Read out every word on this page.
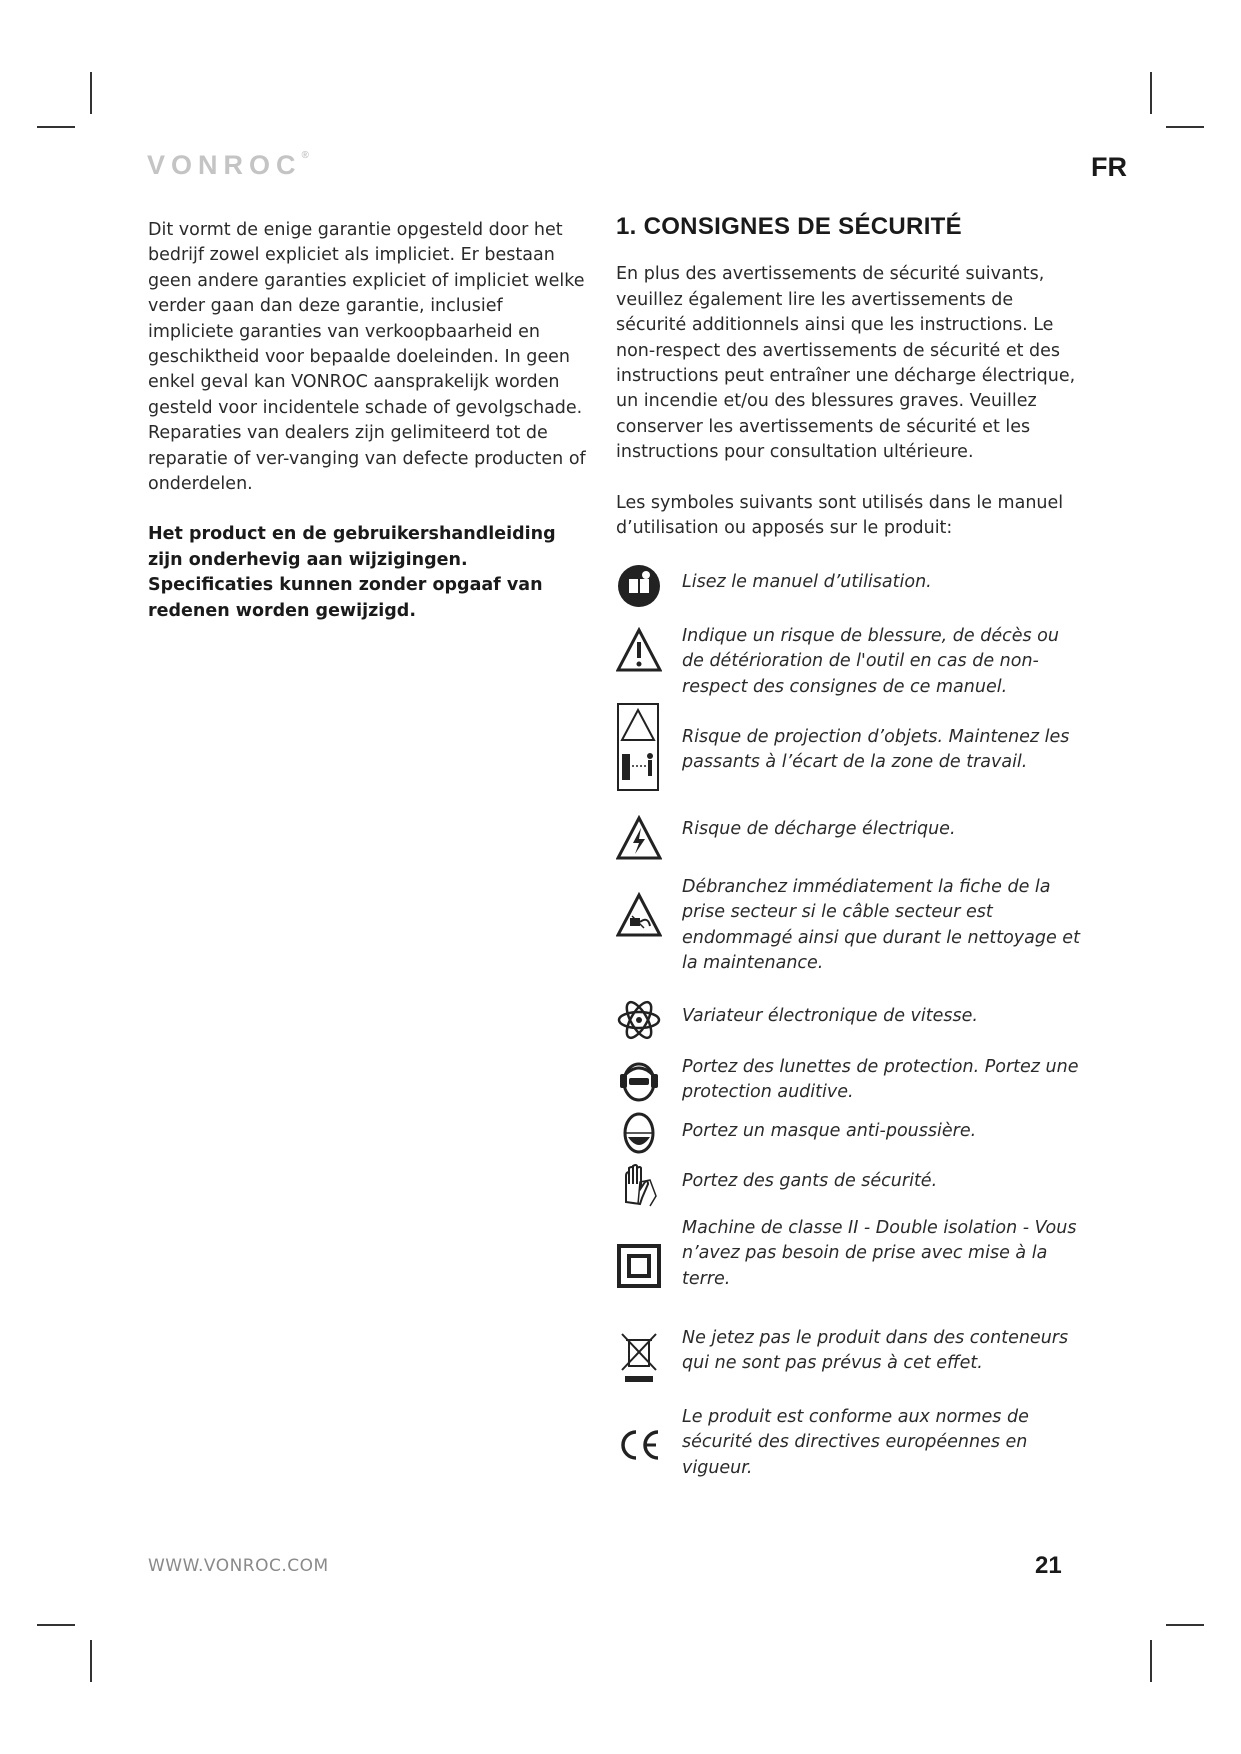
VONROC®	FR

Dit vormt de enige garantie opgesteld door het bedrijf zowel expliciet als impliciet. Er bestaan geen andere garanties expliciet of impliciet welke verder gaan dan deze garantie, inclusief impliciete garanties van verkoopbaarheid en geschiktheid voor bepaalde doeleinden. In geen enkel geval kan VONROC aansprakelijk worden gesteld voor incidentele schade of gevolgschade. Reparaties van dealers zijn gelimiteerd tot de reparatie of ver-vanging van defecte producten of onderdelen.

Het product en de gebruikershandleiding zijn onderhevig aan wijzigingen. Specificaties kunnen zonder opgaaf van redenen worden gewijzigd.

1. CONSIGNES DE SÉCURITÉ

En plus des avertissements de sécurité suivants, veuillez également lire les avertissements de sécurité additionnels ainsi que les instructions. Le non-respect des avertissements de sécurité et des instructions peut entraîner une décharge électrique, un incendie et/ou des blessures graves. Veuillez conserver les avertissements de sécurité et les instructions pour consultation ultérieure.

Les symboles suivants sont utilisés dans le manuel d’utilisation ou apposés sur le produit:

Lisez le manuel d’utilisation.
Indique un risque de blessure, de décès ou de détérioration de l'outil en cas de non-respect des consignes de ce manuel.
Risque de projection d’objets. Maintenez les passants à l’écart de la zone de travail.
Risque de décharge électrique.
Débranchez immédiatement la fiche de la prise secteur si le câble secteur est endommagé ainsi que durant le nettoyage et la maintenance.
Variateur électronique de vitesse.
Portez des lunettes de protection. Portez une protection auditive.
Portez un masque anti-poussière.
Portez des gants de sécurité.
Machine de classe II - Double isolation - Vous n’avez pas besoin de prise avec mise à la terre.
Ne jetez pas le produit dans des conteneurs qui ne sont pas prévus à cet effet.
Le produit est conforme aux normes de sécurité des directives européennes en vigueur.
WWW.VONROC.COM	21
